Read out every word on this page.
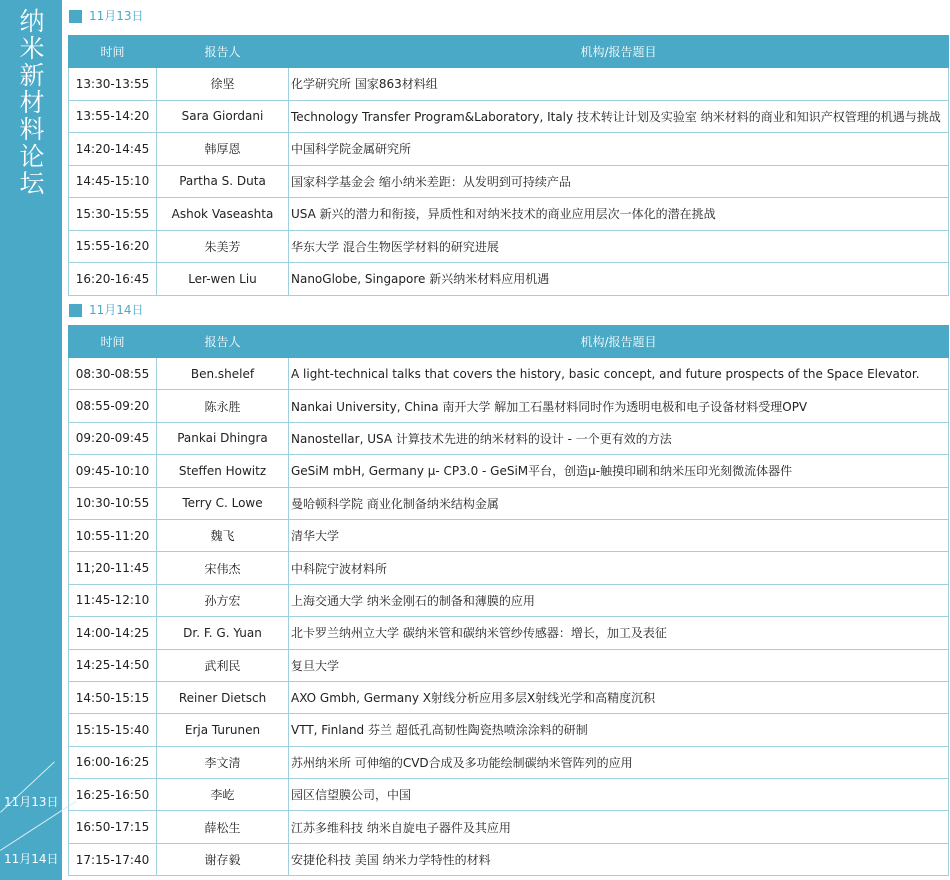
纳米新材料论坛
11月13日
11月14日
11月13日
时间	报告人	机构/报告题目
13:30-13:55	徐坚	化学研究所 国家863材料组
13:55-14:20	Sara Giordani	Technology Transfer Program&Laboratory, Italy 技术转让计划及实验室 纳米材料的商业和知识产权管理的机遇与挑战
14:20-14:45	韩厚恩	中国科学院金属研究所
14:45-15:10	Partha S. Duta	国家科学基金会 缩小纳米差距：从发明到可持续产品
15:30-15:55	Ashok Vaseashta	USA 新兴的潜力和衔接，异质性和对纳米技术的商业应用层次一体化的潜在挑战
15:55-16:20	朱美芳	华东大学 混合生物医学材料的研究进展
16:20-16:45	Ler-wen Liu	NanoGlobe, Singapore 新兴纳米材料应用机遇
11月14日
时间	报告人	机构/报告题目
08:30-08:55	Ben.shelef	A light-technical talks that covers the history, basic concept, and future prospects of the Space Elevator.
08:55-09:20	陈永胜	Nankai University, China 南开大学 解加工石墨材料同时作为透明电极和电子设备材料受理OPV
09:20-09:45	Pankai Dhingra	Nanostellar, USA 计算技术先进的纳米材料的设计 - 一个更有效的方法
09:45-10:10	Steffen Howitz	GeSiM mbH, Germany μ- CP3.0 - GeSiM平台，创造μ-触摸印刷和纳米压印光刻微流体器件
10:30-10:55	Terry C. Lowe	曼哈顿科学院 商业化制备纳米结构金属
10:55-11:20	魏飞	清华大学
11;20-11:45	宋伟杰	中科院宁波材料所
11:45-12:10	孙方宏	上海交通大学 纳米金刚石的制备和薄膜的应用
14:00-14:25	Dr. F. G. Yuan	北卡罗兰纳州立大学 碳纳米管和碳纳米管纱传感器：增长，加工及表征
14:25-14:50	武利民	复旦大学
14:50-15:15	Reiner Dietsch	AXO Gmbh, Germany X射线分析应用多层X射线光学和高精度沉积
15:15-15:40	Erja Turunen	VTT, Finland 芬兰 超低孔高韧性陶瓷热喷涂涂料的研制
16:00-16:25	李文清	苏州纳米所 可伸缩的CVD合成及多功能绘制碳纳米管阵列的应用
16:25-16:50	李屹	园区信望膜公司，中国
16:50-17:15	薛松生	江苏多维科技 纳米自旋电子器件及其应用
17:15-17:40	谢存毅	安捷伦科技 美国 纳米力学特性的材料
